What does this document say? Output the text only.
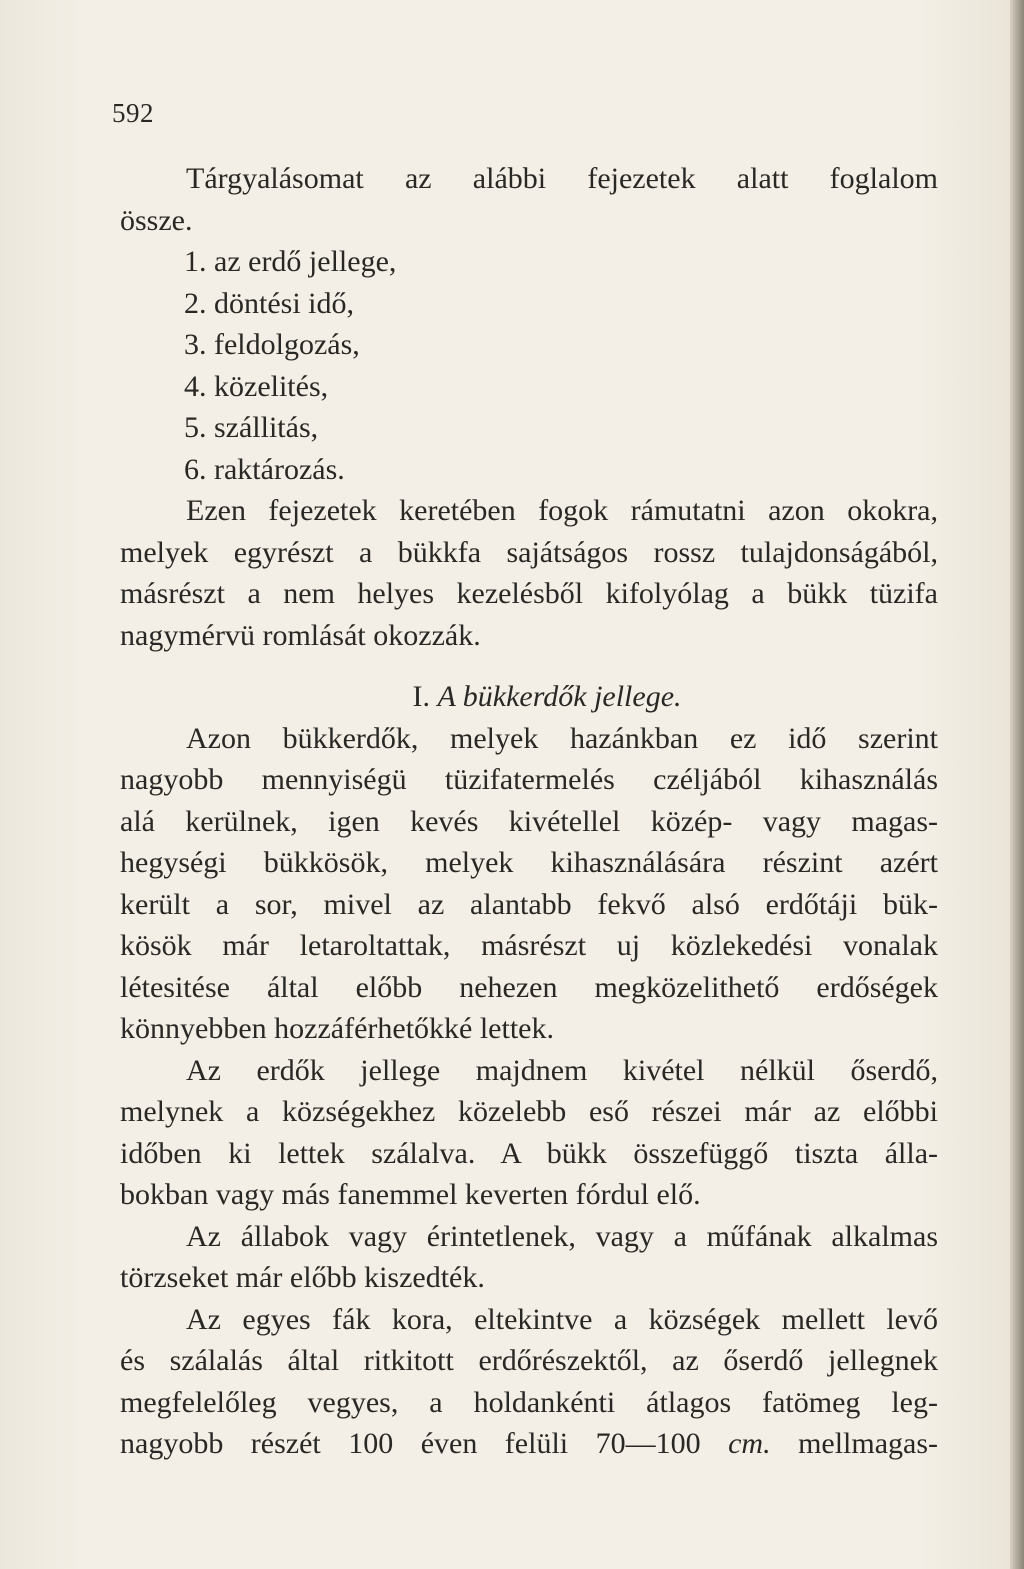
592
Tárgyalásomat az alábbi fejezetek alatt foglalom
össze.
1. az erdő jellege,
2. döntési idő,
3. feldolgozás,
4. közelités,
5. szállitás,
6. raktározás.
Ezen fejezetek keretében fogok rámutatni azon okokra,
melyek egyrészt a bükkfa sajátságos rossz tulajdonságából,
másrészt a nem helyes kezelésből kifolyólag a bükk tüzifa
nagymérvü romlását okozzák.
I. A bükkerdők jellege.
Azon bükkerdők, melyek hazánkban ez idő szerint
nagyobb mennyiségü tüzifatermelés czéljából kihasználás
alá kerülnek, igen kevés kivétellel közép- vagy magas-
hegységi bükkösök, melyek kihasználására részint azért
került a sor, mivel az alantabb fekvő alsó erdőtáji bük-
kösök már letaroltattak, másrészt uj közlekedési vonalak
létesitése által előbb nehezen megközelithető erdőségek
könnyebben hozzáférhetőkké lettek.
Az erdők jellege majdnem kivétel nélkül őserdő,
melynek a községekhez közelebb eső részei már az előbbi
időben ki lettek szálalva. A bükk összefüggő tiszta álla-
bokban vagy más fanemmel keverten fórdul elő.
Az állabok vagy érintetlenek, vagy a műfának alkalmas
törzseket már előbb kiszedték.
Az egyes fák kora, eltekintve a községek mellett levő
és szálalás által ritkitott erdőrészektől, az őserdő jellegnek
megfelelőleg vegyes, a holdankénti átlagos fatömeg leg-
nagyobb részét 100 éven felüli 70—100 cm. mellmagas-
